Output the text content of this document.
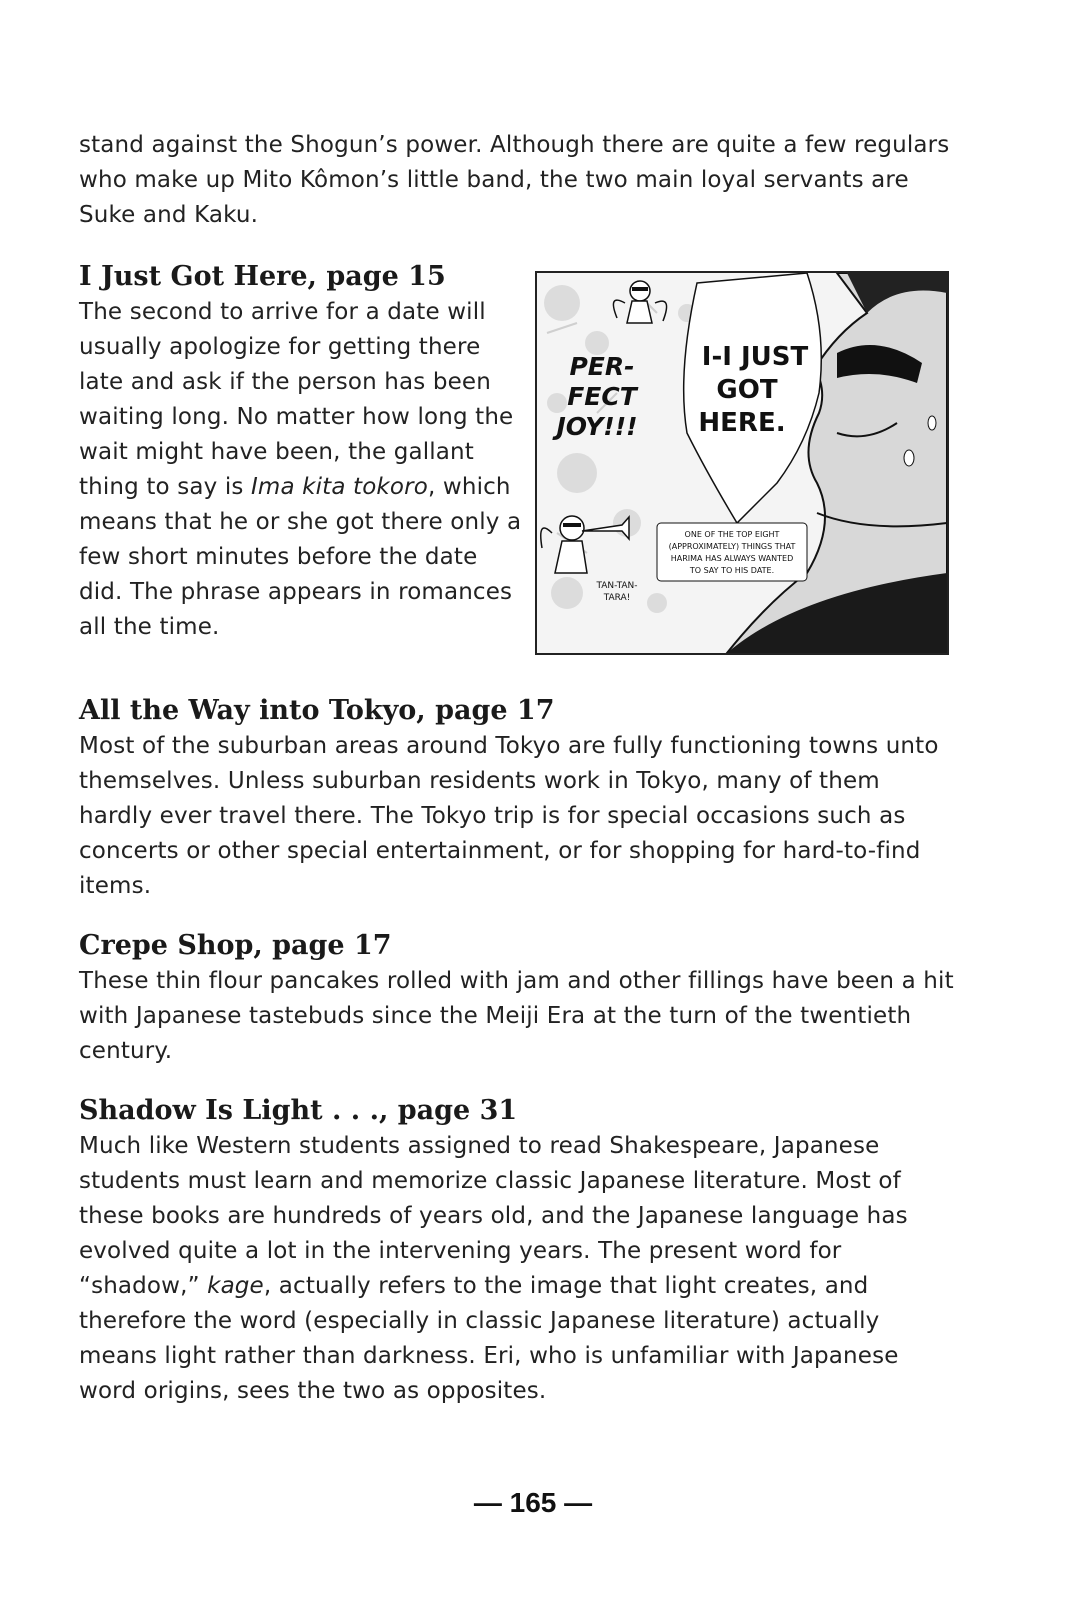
stand against the Shogun’s power. Although there are quite a few regulars who make up Mito Kômon’s little band, the two main loyal servants are Suke and Kaku.

I Just Got Here, page 15

The second to arrive for a date will usually apologize for getting there late and ask if the person has been waiting long. No matter how long the wait might have been, the gallant thing to say is Ima kita tokoro, which means that he or she got there only a few short minutes before the date did. The phrase appears in romances all the time.

I-I JUST
GOT
HERE.
PER-
FECT
JOY!!!
ONE OF THE TOP EIGHT
(APPROXIMATELY) THINGS THAT
HARIMA HAS ALWAYS WANTED
TO SAY TO HIS DATE.
TAN-TAN-
TARA!
All the Way into Tokyo, page 17

Most of the suburban areas around Tokyo are fully functioning towns unto themselves. Unless suburban residents work in Tokyo, many of them hardly ever travel there. The Tokyo trip is for special occasions such as concerts or other special entertainment, or for shopping for hard-to-find items.

Crepe Shop, page 17

These thin flour pancakes rolled with jam and other fillings have been a hit with Japanese tastebuds since the Meiji Era at the turn of the twentieth century.

Shadow Is Light . . ., page 31

Much like Western students assigned to read Shakespeare, Japanese students must learn and memorize classic Japanese literature. Most of these books are hundreds of years old, and the Japanese language has evolved quite a lot in the intervening years. The present word for “shadow,” kage, actually refers to the image that light creates, and therefore the word (especially in classic Japanese literature) actually means light rather than darkness. Eri, who is unfamiliar with Japanese word origins, sees the two as opposites.

— 165 —
